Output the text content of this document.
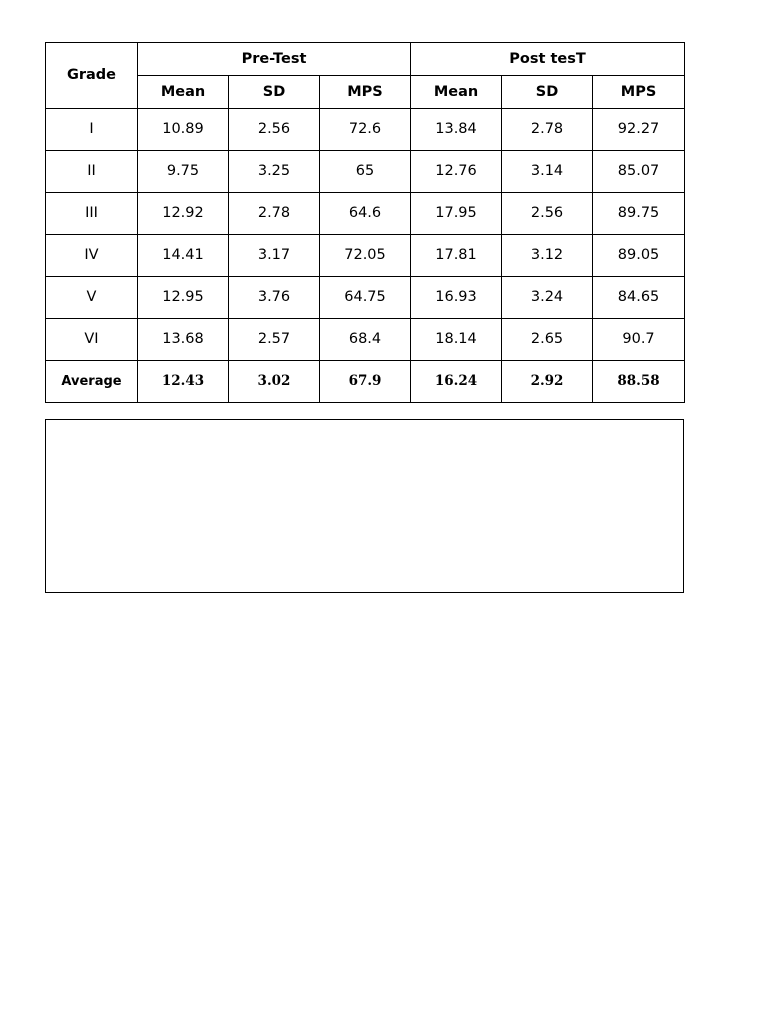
Grade	Pre-Test			Post tesT		
	Mean	SD	MPS	Mean	SD	MPS
I	10.89	2.56	72.6	13.84	2.78	92.27
II	9.75	3.25	65	12.76	3.14	85.07
III	12.92	2.78	64.6	17.95	2.56	89.75
IV	14.41	3.17	72.05	17.81	3.12	89.05
V	12.95	3.76	64.75	16.93	3.24	84.65
VI	13.68	2.57	68.4	18.14	2.65	90.7
Average	12.43	3.02	67.9	16.24	2.92	88.58
